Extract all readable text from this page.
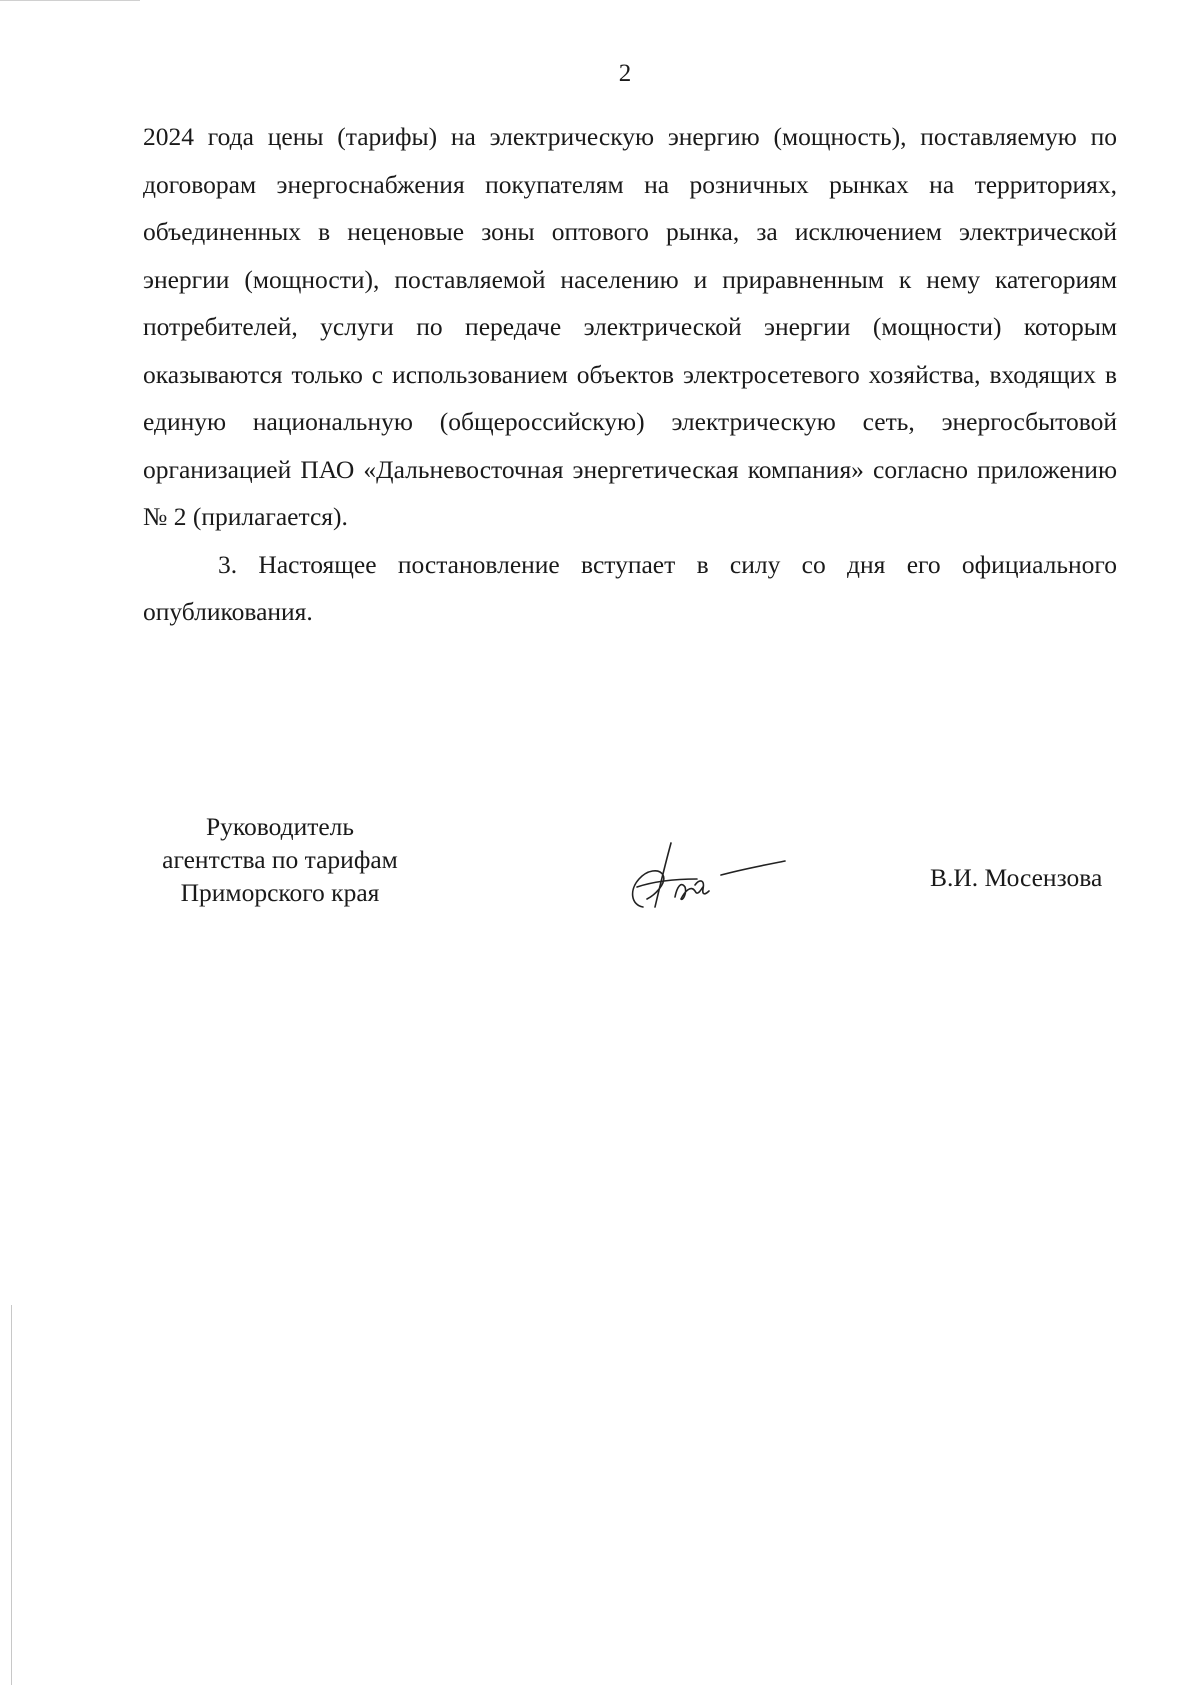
2

2024 года цены (тарифы) на электрическую энергию (мощность), поставляемую по договорам энергоснабжения покупателям на розничных рынках на территориях, объединенных в неценовые зоны оптового рынка, за исключением электрической энергии (мощности), поставляемой населению и приравненным к нему категориям потребителей, услуги по передаче электрической энергии (мощности) которым оказываются только с использованием объектов электросетевого хозяйства, входящих в единую национальную (общероссийскую) электрическую сеть, энергосбытовой организацией ПАО «Дальневосточная энергетическая компания» согласно приложению № 2 (прилагается).

3. Настоящее постановление вступает в силу со дня его официального опубликования.

Руководитель
агентства по тарифам
Приморского края
В.И. Мосензова
